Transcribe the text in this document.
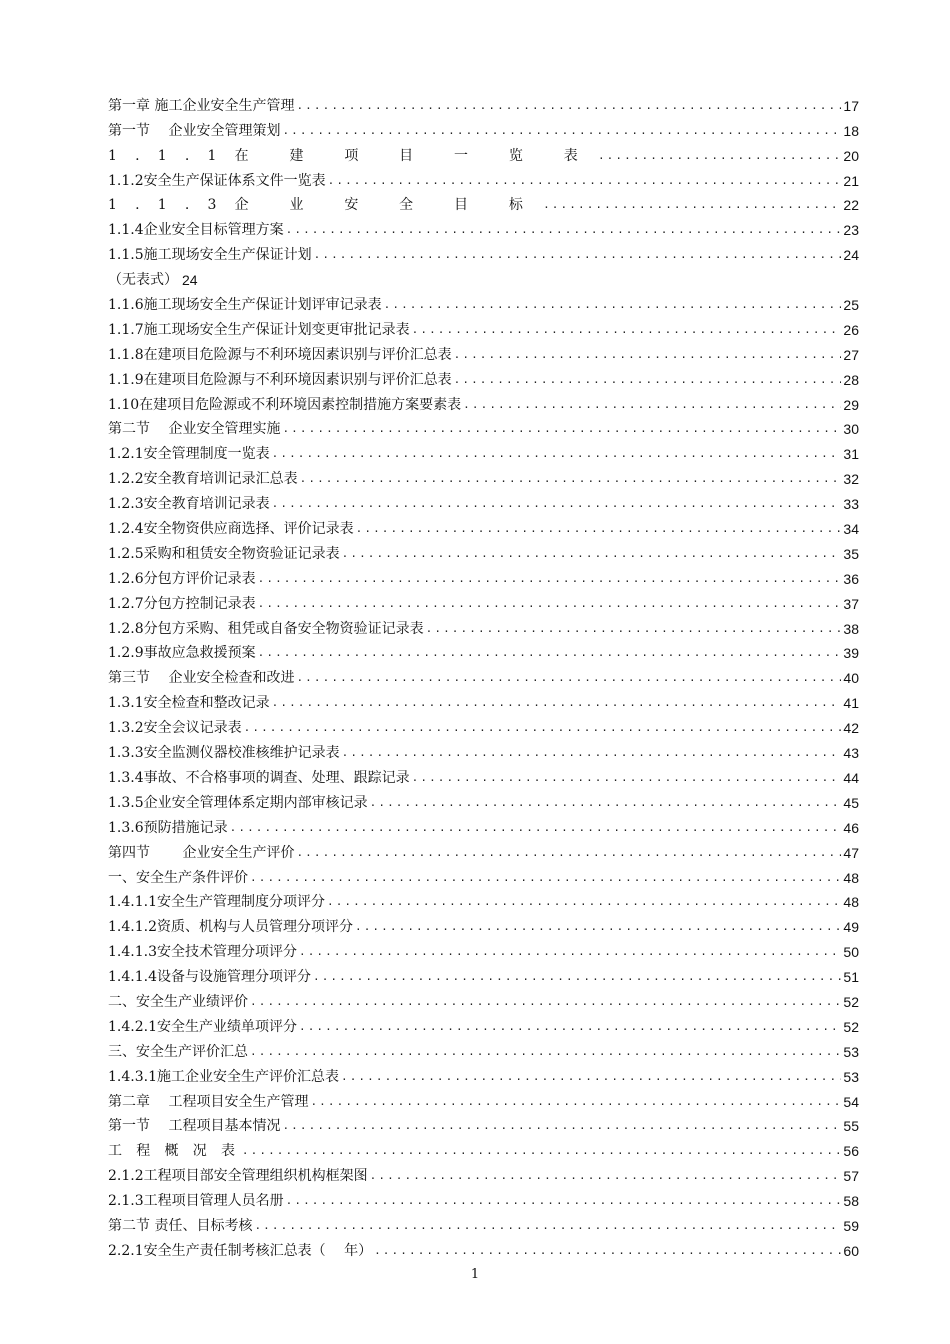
第一章 施工企业安全生产管理 .....	17
第一节　 企业安全管理策划 .....	18
1.1.1在 建 项 目 一 览 表 .....	20
1.1.2安全生产保证体系文件一览表 .....	21
1.1.3企 业 安 全 目 标 .....	22
1.1.4企业安全目标管理方案 .....	23
1.1.5施工现场安全生产保证计划 .....	24
（无表式） 24
1.1.6施工现场安全生产保证计划评审记录表 .....	25
1.1.7施工现场安全生产保证计划变更审批记录表 .....	26
1.1.8在建项目危险源与不利环境因素识别与评价汇总表 .....	27
1.1.9在建项目危险源与不利环境因素识别与评价汇总表 .....	28
1.10在建项目危险源或不利环境因素控制措施方案要素表 .....	29
第二节　 企业安全管理实施 .....	30
1.2.1安全管理制度一览表 .....	31
1.2.2安全教育培训记录汇总表 .....	32
1.2.3安全教育培训记录表 .....	33
1.2.4安全物资供应商选择、评价记录表 .....	34
1.2.5采购和租赁安全物资验证记录表 .....	35
1.2.6分包方评价记录表 .....	36
1.2.7分包方控制记录表 .....	37
1.2.8分包方采购、租凭或自备安全物资验证记录表 .....	38
1.2.9事故应急救援预案 .....	39
第三节　 企业安全检查和改进 .....	40
1.3.1安全检查和整改记录 .....	41
1.3.2安全会议记录表 .....	42
1.3.3安全监测仪器校准核维护记录表 .....	43
1.3.4事故、不合格事项的调查、处理、跟踪记录 .....	44
1.3.5企业安全管理体系定期内部审核记录 .....	45
1.3.6预防措施记录 .....	46
第四节　　 企业安全生产评价 .....	47
一、安全生产条件评价 .....	48
1.4.1.1安全生产管理制度分项评分 .....	48
1.4.1.2资质、机构与人员管理分项评分 .....	49
1.4.1.3安全技术管理分项评分 .....	50
1.4.1.4设备与设施管理分项评分 .....	51
二、安全生产业绩评价 .....	52
1.4.2.1安全生产业绩单项评分 .....	52
三、安全生产评价汇总 .....	53
1.4.3.1施工企业安全生产评价汇总表 .....	53
第二章　 工程项目安全生产管理 .....	54
第一节　 工程项目基本情况 .....	55
工 程 概 况 表 .....	56
2.1.2工程项目部安全管理组织机构框架图 .....	57
2.1.3工程项目管理人员名册 .....	58
第二节 责任、目标考核 .....	59
2.2.1安全生产责任制考核汇总表（　 年） .....	60
1
